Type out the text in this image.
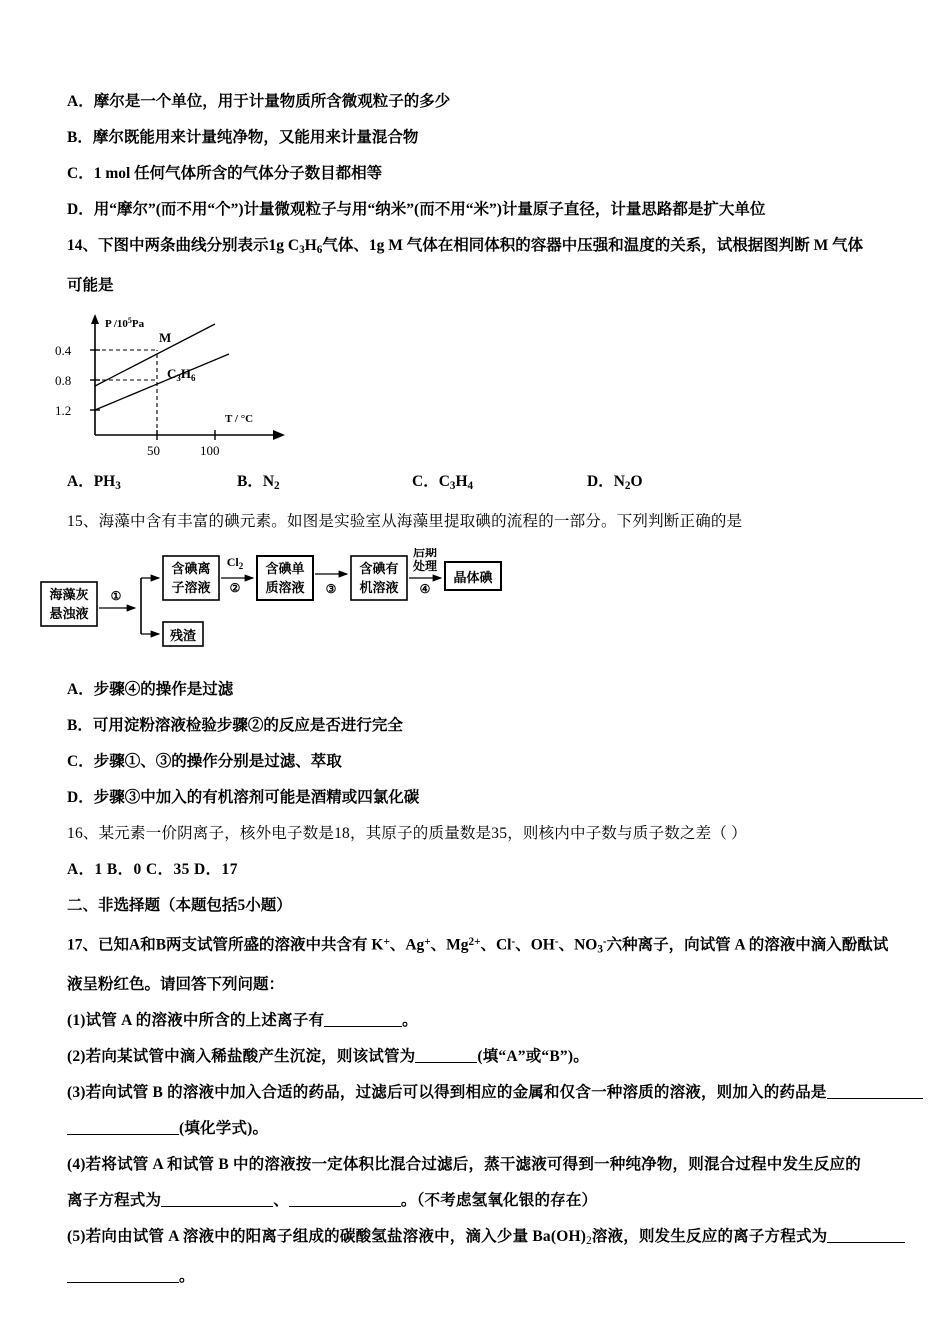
A．摩尔是一个单位，用于计量物质所含微观粒子的多少
B．摩尔既能用来计量纯净物，又能用来计量混合物
C．1 mol 任何气体所含的气体分子数目都相等
D．用“摩尔”(而不用“个”)计量微观粒子与用“纳米”(而不用“米”)计量原子直径，计量思路都是扩大单位
14、下图中两条曲线分别表示1g $C_3H_6$气体、1g M 气体在相同体积的容器中压强和温度的关系，试根据图判断 M 气体
可能是
P $/10^5Pa$
T / °C
0.4
0.8
1.2
50	100
M
$C_3H_6$
A．$PH_3$	B．$N_2$	C．$C_3H_4$	D．$N_2O$
15、海藻中含有丰富的碘元素。如图是实验室从海藻里提取碘的流程的一部分。下列判断正确的是
海藻灰
悬浊液
①
含碘离
子溶液
残渣
$Cl_2$
②
含碘单
质溶液 ③
含碘有
机溶液
后期
处理
④
晶体碘
A．步骤④的操作是过滤
B．可用淀粉溶液检验步骤②的反应是否进行完全
C．步骤①、③的操作分别是过滤、萃取
D．步骤③中加入的有机溶剂可能是酒精或四氯化碳
16、某元素一价阴离子，核外电子数是18，其原子的质量数是35，则核内中子数与质子数之差（ ）
A．1 B．0 C．35 D．17
二、非选择题（本题包括5小题）
17、已知A和B两支试管所盛的溶液中共含有 K+、Ag+、$Mg^{2+}$、Cl-、OH-、$NO_3^-$六种离子，向试管 A 的溶液中滴入酚酞试
液呈粉红色。请回答下列问题：
(1)试管 A 的溶液中所含的上述离子有	。
(2)若向某试管中滴入稀盐酸产生沉淀，则该试管为	(填“A”或“B”)。
(3)若向试管 B 的溶液中加入合适的药品，过滤后可以得到相应的金属和仅含一种溶质的溶液，则加入的药品是
(填化学式)。
(4)若将试管 A 和试管 B 中的溶液按一定体积比混合过滤后，蒸干滤液可得到一种纯净物，则混合过程中发生反应的
离子方程式为	、	。（不考虑氢氧化银的存在）
(5)若向由试管 A 溶液中的阳离子组成的碳酸氢盐溶液中，滴入少量 $Ba(OH)_2$溶液，则发生反应的离子方程式为
。
